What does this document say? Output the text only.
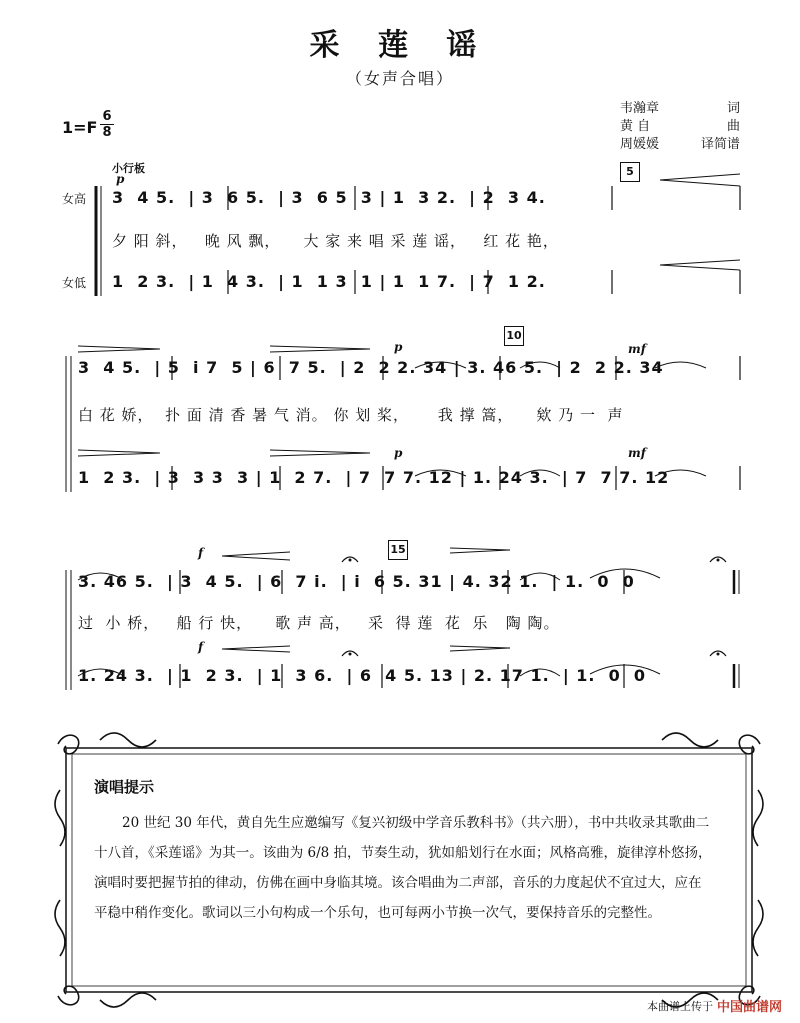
采 莲 谣
（女声合唱）
1=F
6
8
韦瀚章	词
黄 自	曲
周媛媛	译简谱
小行板
女高
女低
p
5
3  4 5.  | 3  6 5.  | 3  6 5  3 | 1  3 2.  | 2  3 4.
夕 阳 斜，   晚 风 飘，    大 家 来 唱 采 莲 谣，   红 花 艳，
1  2 3.  | 1  4 3.  | 1  1 3  1 | 1  1 7.  | 7  1 2.
p	mf
10
3  4 5.  | 5  i 7  5 | 6  7 5.  | 2  2 2. 34 | 3. 46 5.  | 2  2 2. 34
白 花 娇，  扑 面 清 香 暑 气 消。 你 划 桨，     我 撑 篙，    欸 乃 一  声
1  2 3.  | 3  3 3  3 | 1  2 7.  | 7  7 7. 12 | 1. 24 3.  | 7  7 7. 12
p	mf
f
f
15
3. 46 5.  | 3  4 5.  | 6  7 i.  | i  6 5. 31 | 4. 32 1.  | 1.  0  0
过  小 桥，   船 行 快，    歌 声 高，   采  得 莲  花  乐   陶 陶。
1. 24 3.  | 1  2 3.  | 1  3 6.  | 6  4 5. 13 | 2. 17 1.  | 1.  0  0
演唱提示
20 世纪 30 年代，黄自先生应邀编写《复兴初级中学音乐教科书》（共六册），书中共收录其歌曲二十八首，《采莲谣》为其一。该曲为 6/8 拍，节奏生动，犹如船划行在水面；风格高雅，旋律淳朴悠扬，演唱时要把握节拍的律动，仿佛在画中身临其境。该合唱曲为二声部，音乐的力度起伏不宜过大，应在平稳中稍作变化。歌词以三小句构成一个乐句，也可每两小节换一次气，要保持音乐的完整性。
本曲谱上传于 中国曲谱网
